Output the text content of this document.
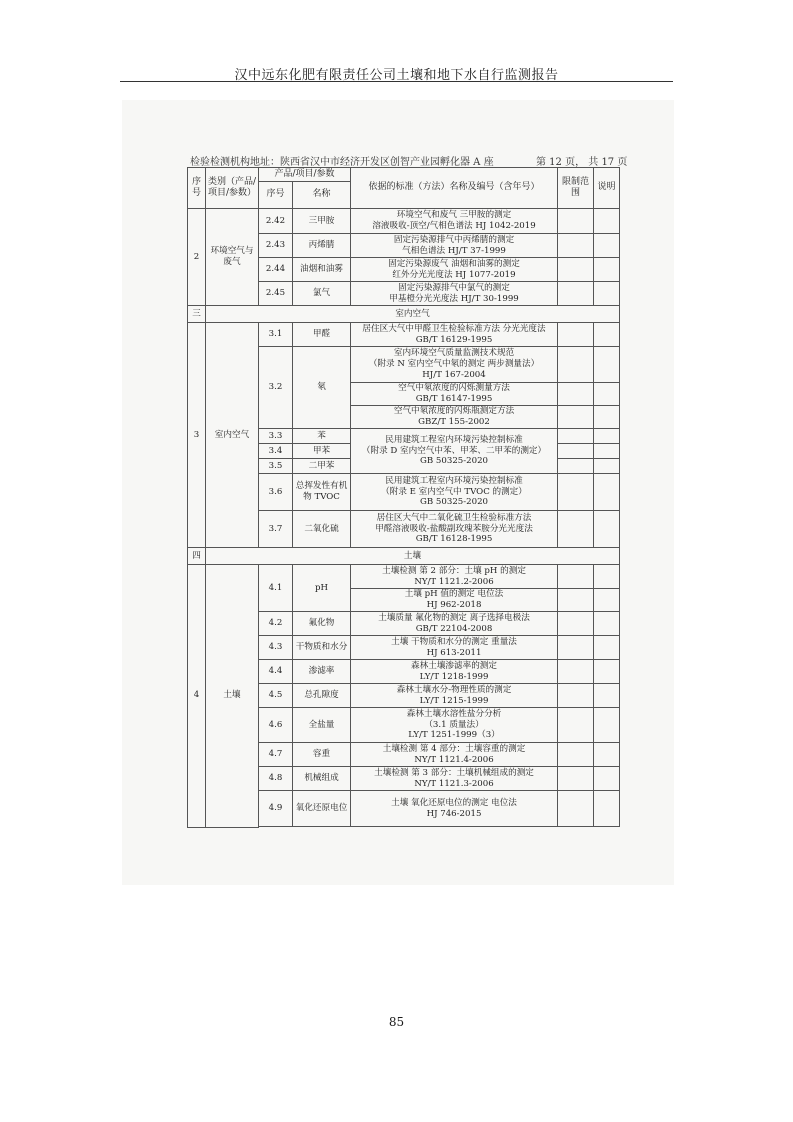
汉中远东化肥有限责任公司土壤和地下水自行监测报告
检验检测机构地址：陕西省汉中市经济开发区创智产业园孵化器 A 座	第 12 页， 共 17 页
序号	类别（产品/项目/参数）	产品/项目/参数		依据的标准（方法）名称及编号（含年号）	限制范围	说明
		序号	名称			
2	环境空气与废气	2.42	三甲胺	环境空气和废气 三甲胺的测定
溶液吸收-顶空/气相色谱法 HJ 1042-2019		

		2.43	丙烯腈	固定污染源排气中丙烯腈的测定
气相色谱法 HJ/T 37-1999		

		2.44	油烟和油雾	固定污染源废气 油烟和油雾的测定
红外分光光度法 HJ 1077-2019		

		2.45	氯气	固定污染源排气中氯气的测定
甲基橙分光光度法 HJ/T 30-1999		

三	室内空气					
3	室内空气	3.1	甲醛	居住区大气中甲醛卫生检验标准方法 分光光度法
GB/T 16129-1995		

		3.2	氡	室内环境空气质量监测技术规范
（附录 N 室内空气中氡的测定 两步测量法）
HJ/T 167-2004		

				空气中氡浓度的闪烁测量方法
GB/T 16147-1995		

				空气中氡浓度的闪烁瓶测定方法
GBZ/T 155-2002		

		3.3	苯	民用建筑工程室内环境污染控制标准
（附录 D 室内空气中苯、甲苯、二甲苯的测定）
GB 50325-2020		

		3.4	甲苯			
		3.5	二甲苯			
		3.6	总挥发性有机物 TVOC	民用建筑工程室内环境污染控制标准
（附录 E 室内空气中 TVOC 的测定）
GB 50325-2020		

		3.7	二氧化硫	居住区大气中二氧化硫卫生检验标准方法
甲醛溶液吸收-盐酸副玫瑰苯胺分光光度法
GB/T 16128-1995		

四	土壤					
4	土壤	4.1	pH	土壤检测 第 2 部分：土壤 pH 的测定
NY/T 1121.2-2006		

				土壤 pH 值的测定 电位法
HJ 962-2018		

		4.2	氟化物	土壤质量 氟化物的测定 离子选择电极法
GB/T 22104-2008		

		4.3	干物质和水分	土壤 干物质和水分的测定 重量法
HJ 613-2011		

		4.4	渗滤率	森林土壤渗滤率的测定
LY/T 1218-1999		

		4.5	总孔隙度	森林土壤水分-物理性质的测定
LY/T 1215-1999		

		4.6	全盐量	森林土壤水溶性盐分分析
（3.1 质量法）
LY/T 1251-1999（3）		

		4.7	容重	土壤检测 第 4 部分：土壤容重的测定
NY/T 1121.4-2006		

		4.8	机械组成	土壤检测 第 3 部分：土壤机械组成的测定
NY/T 1121.3-2006		

		4.9	氧化还原电位	土壤 氧化还原电位的测定 电位法
HJ 746-2015		

85
